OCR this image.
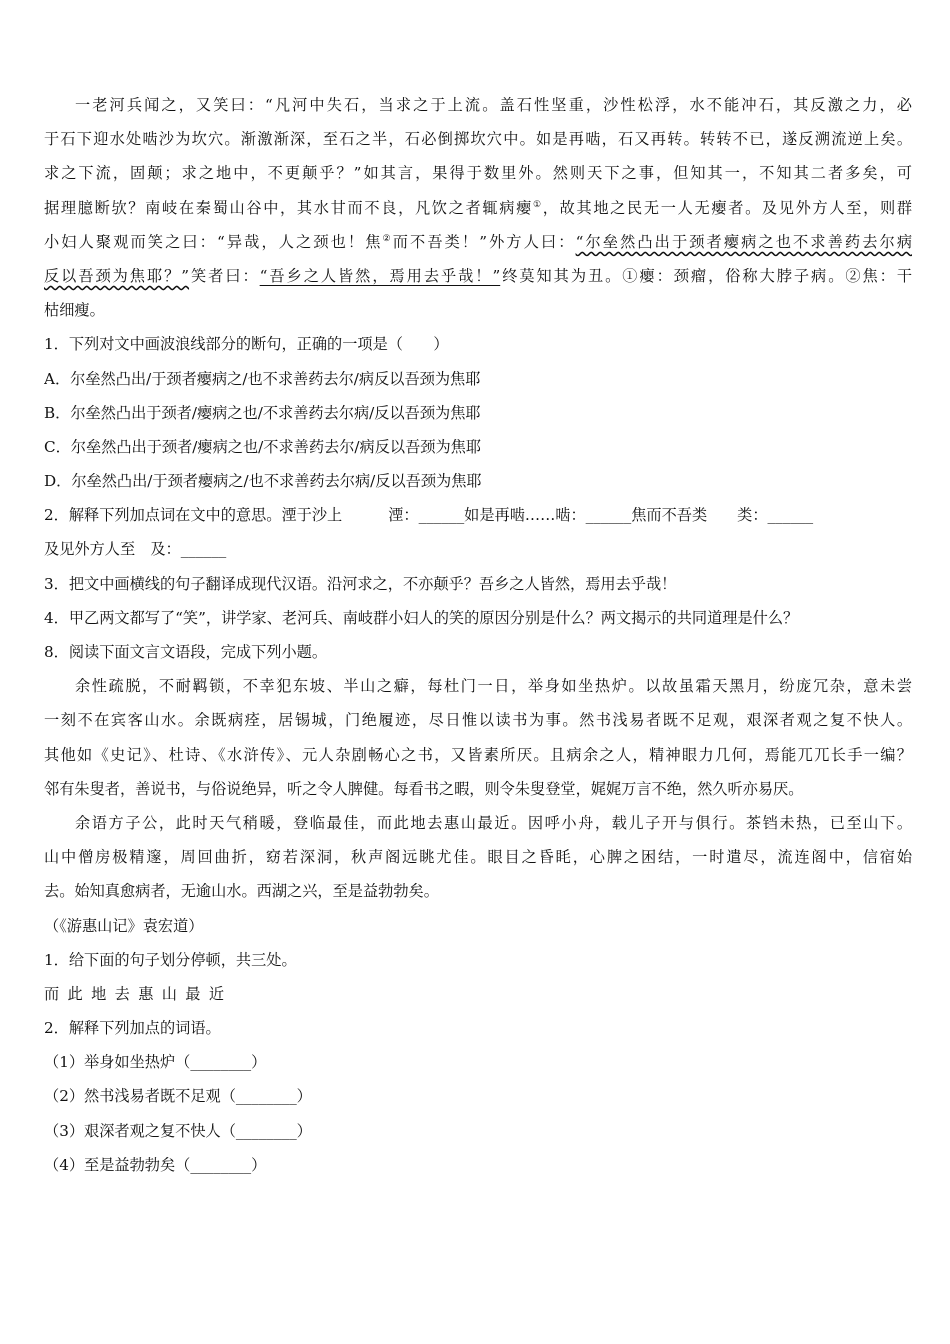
一老河兵闻之，又笑曰：“凡河中失石，当求之于上流。盖石性坚重，沙性松浮，水不能冲石，其反激之力，必
于石下迎水处啮沙为坎穴。渐激渐深，至石之半，石必倒掷坎穴中。如是再啮，石又再转。转转不已，遂反溯流逆上矣。
求之下流，固颠；求之地中，不更颠乎？”如其言，果得于数里外。然则天下之事，但知其一，不知其二者多矣，可
据理臆断欤？南岐在秦蜀山谷中，其水甘而不良，凡饮之者辄病瘿①，故其地之民无一人无瘿者。及见外方人至，则群
小妇人聚观而笑之曰：“异哉，人之颈也！焦②而不吾类！”外方人曰：“尔垒然凸出于颈者瘿病之也不求善药去尔病
反以吾颈为焦耶？”笑者曰：“吾乡之人皆然，焉用去乎哉！”终莫知其为丑。①瘿：颈瘤，俗称大脖子病。②焦：干
枯细瘦。
1．下列对文中画波浪线部分的断句，正确的一项是（　　）
A．尔垒然凸出/于颈者瘿病之/也不求善药去尔/病反以吾颈为焦耶
B．尔垒然凸出于颈者/瘿病之也/不求善药去尔病/反以吾颈为焦耶
C．尔垒然凸出于颈者/瘿病之也/不求善药去尔/病反以吾颈为焦耶
D．尔垒然凸出/于颈者瘿病之/也不求善药去尔病/反以吾颈为焦耶
2．解释下列加点词在文中的意思。湮于沙上	湮：______如是再啮……啮：______焦而不吾类 类：______
及见外方人至　及：______
3．把文中画横线的句子翻译成现代汉语。沿河求之，不亦颠乎？吾乡之人皆然，焉用去乎哉！
4．甲乙两文都写了“笑”，讲学家、老河兵、南岐群小妇人的笑的原因分别是什么？两文揭示的共同道理是什么？
8．阅读下面文言文语段，完成下列小题。
余性疏脱，不耐羁锁，不幸犯东坡、半山之癖，每杜门一日，举身如坐热炉。以故虽霜天黑月，纷庞冗杂，意未尝
一刻不在宾客山水。余既病痊，居锡城，门绝履迹，尽日惟以读书为事。然书浅易者既不足观，艰深者观之复不快人。
其他如《史记》、杜诗、《水浒传》、元人杂剧畅心之书，又皆素所厌。且病余之人，精神眼力几何，焉能兀兀长手一编？
邻有朱叟者，善说书，与俗说绝异，听之令人脾健。每看书之暇，则令朱叟登堂，娓娓万言不绝，然久听亦易厌。
余语方子公，此时天气稍暖，登临最佳，而此地去惠山最近。因呼小舟，载儿子开与俱行。茶铛未热，已至山下。
山中僧房极精邃，周回曲折，窈若深洞，秋声阁远眺尤佳。眼目之昏眊，心脾之困结，一时遣尽，流连阁中，信宿始
去。始知真愈病者，无逾山水。西湖之兴，至是益勃勃矣。
（《游惠山记》袁宏道）
1．给下面的句子划分停顿，共三处。
而此地去惠山最近
2．解释下列加点的词语。
（1）举身如坐热炉（________）
（2）然书浅易者既不足观（________）
（3）艰深者观之复不快人（________）
（4）至是益勃勃矣（________）
